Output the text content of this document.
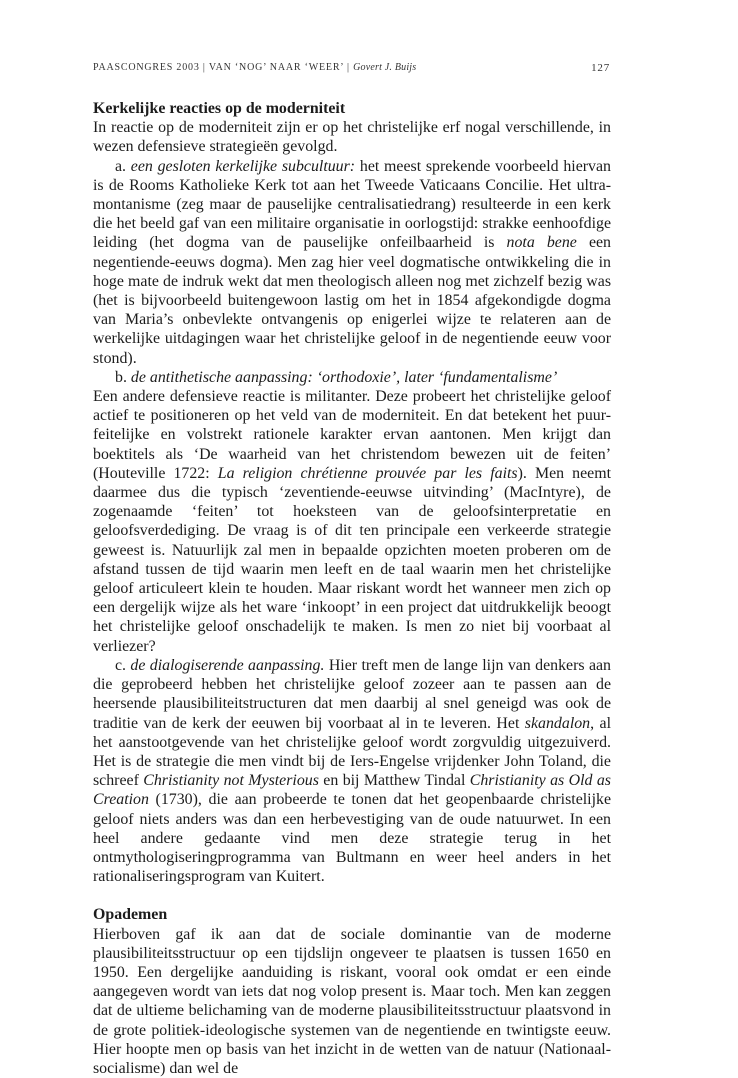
PAASCONGRES 2003 | VAN ‘NOG’ NAAR ‘WEER’ | Govert J. Buijs	127

Kerkelijke reacties op de moderniteit

In reactie op de moderniteit zijn er op het christelijke erf nogal verschillende, in wezen defensieve strategieën gevolgd.

a. een gesloten kerkelijke subcultuur: het meest sprekende voorbeeld hiervan is de Rooms Katholieke Kerk tot aan het Tweede Vaticaans Concilie. Het ultra-montanisme (zeg maar de pauselijke centralisatiedrang) resulteerde in een kerk die het beeld gaf van een militaire organisatie in oorlogstijd: strakke eenhoofdige leiding (het dogma van de pauselijke onfeilbaarheid is nota bene een negentiende-eeuws dogma). Men zag hier veel dogmatische ontwikkeling die in hoge mate de indruk wekt dat men theologisch alleen nog met zichzelf bezig was (het is bijvoorbeeld buitengewoon lastig om het in 1854 afgekondigde dogma van Maria’s onbevlekte ontvangenis op enigerlei wijze te relateren aan de werkelijke uitdagingen waar het christelijke geloof in de negentiende eeuw voor stond).

b. de antithetische aanpassing: ‘orthodoxie’, later ‘fundamentalisme’

Een andere defensieve reactie is militanter. Deze probeert het christelijke geloof actief te positioneren op het veld van de moderniteit. En dat betekent het puur-feitelijke en volstrekt rationele karakter ervan aantonen. Men krijgt dan boektitels als ‘De waarheid van het christendom bewezen uit de feiten’ (Houteville 1722: La religion chrétienne prouvée par les faits). Men neemt daarmee dus die typisch ‘zeventiende-eeuwse uitvinding’ (MacIntyre), de zogenaamde ‘feiten’ tot hoeksteen van de geloofsinterpretatie en geloofsverdediging. De vraag is of dit ten principale een verkeerde strategie geweest is. Natuurlijk zal men in bepaalde opzichten moeten proberen om de afstand tussen de tijd waarin men leeft en de taal waarin men het christelijke geloof articuleert klein te houden. Maar riskant wordt het wanneer men zich op een dergelijk wijze als het ware ‘inkoopt’ in een project dat uitdrukkelijk beoogt het christelijke geloof onschadelijk te maken. Is men zo niet bij voorbaat al verliezer?

c. de dialogiserende aanpassing. Hier treft men de lange lijn van denkers aan die geprobeerd hebben het christelijke geloof zozeer aan te passen aan de heersende plausibiliteitstructuren dat men daarbij al snel geneigd was ook de traditie van de kerk der eeuwen bij voorbaat al in te leveren. Het skandalon, al het aanstootgevende van het christelijke geloof wordt zorgvuldig uitgezuiverd. Het is de strategie die men vindt bij de Iers-Engelse vrijdenker John Toland, die schreef Christianity not Mysterious en bij Matthew Tindal Christianity as Old as Creation (1730), die aan probeerde te tonen dat het geopenbaarde christelijke geloof niets anders was dan een herbevestiging van de oude natuurwet. In een heel andere gedaante vind men deze strategie terug in het ontmythologiseringprogramma van Bultmann en weer heel anders in het rationaliseringsprogram van Kuitert.

Opademen

Hierboven gaf ik aan dat de sociale dominantie van de moderne plausibiliteitsstructuur op een tijdslijn ongeveer te plaatsen is tussen 1650 en 1950. Een dergelijke aanduiding is riskant, vooral ook omdat er een einde aangegeven wordt van iets dat nog volop present is. Maar toch. Men kan zeggen dat de ultieme belichaming van de moderne plausibiliteitsstructuur plaatsvond in de grote politiek-ideologische systemen van de negentiende en twintigste eeuw. Hier hoopte men op basis van het inzicht in de wetten van de natuur (Nationaal-socialisme) dan wel de
